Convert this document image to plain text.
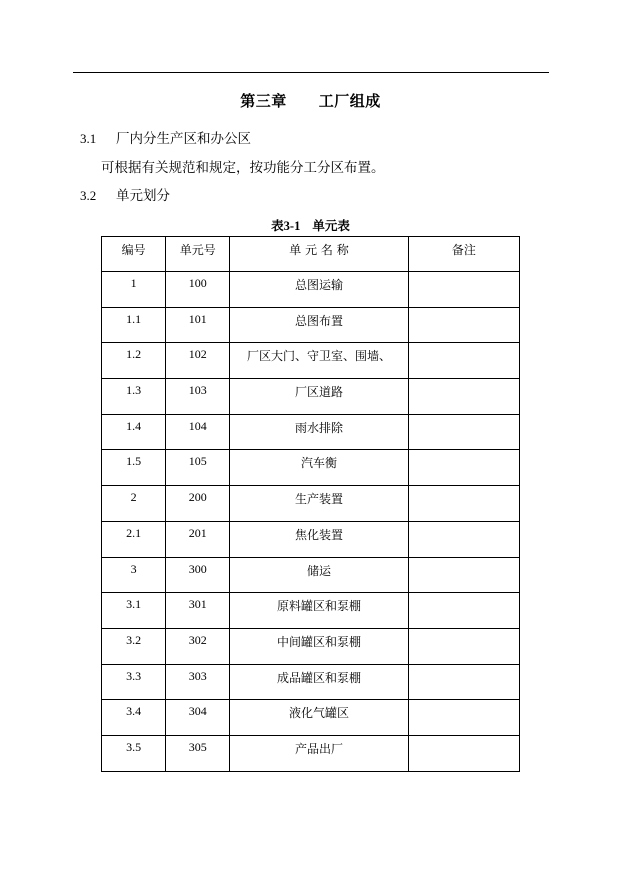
第三章 工厂组成
3.1 厂内分生产区和办公区
可根据有关规范和规定，按功能分工分区布置。
3.2 单元划分
表3-1 单元表
编号	单元号	单 元 名 称	备注

1	100	总图运输	

1.1	101	总图布置	

1.2	102	厂区大门、守卫室、围墙、	

1.3	103	厂区道路	

1.4	104	雨水排除	

1.5	105	汽车衡	

2	200	生产装置	

2.1	201	焦化装置	

3	300	储运	

3.1	301	原料罐区和泵棚	

3.2	302	中间罐区和泵棚	

3.3	303	成品罐区和泵棚	

3.4	304	液化气罐区	

3.5	305	产品出厂	
